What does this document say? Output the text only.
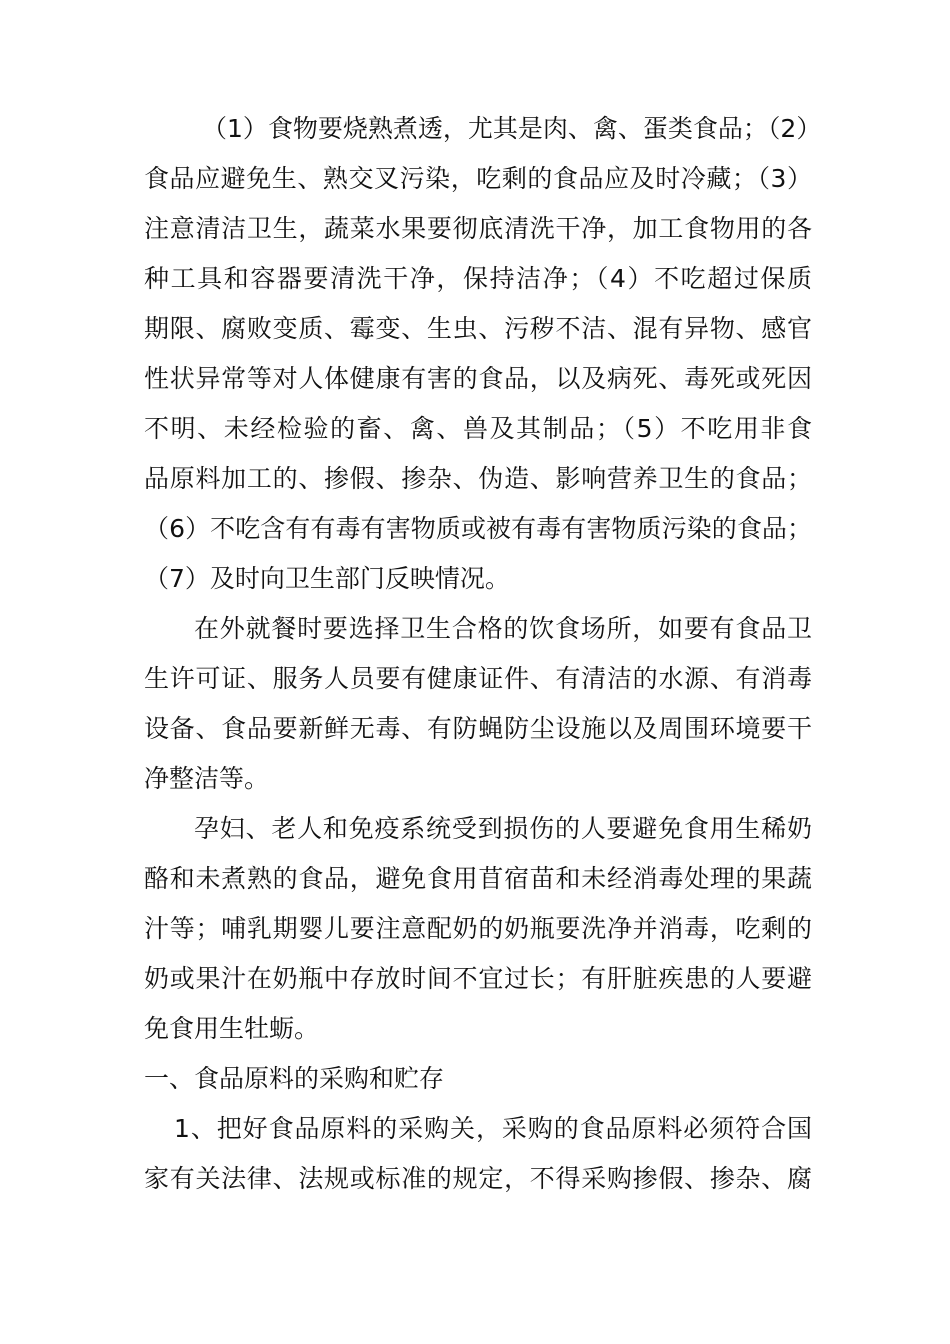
（1）食物要烧熟煮透，尤其是肉、禽、蛋类食品；（2）
食品应避免生、熟交叉污染，吃剩的食品应及时冷藏；（3）
注意清洁卫生，蔬菜水果要彻底清洗干净，加工食物用的各
种工具和容器要清洗干净，保持洁净；（4）不吃超过保质
期限、腐败变质、霉变、生虫、污秽不洁、混有异物、感官
性状异常等对人体健康有害的食品，以及病死、毒死或死因
不明、未经检验的畜、禽、兽及其制品；（5）不吃用非食
品原料加工的、掺假、掺杂、伪造、影响营养卫生的食品；
（6）不吃含有有毒有害物质或被有毒有害物质污染的食品；
（7）及时向卫生部门反映情况。
在外就餐时要选择卫生合格的饮食场所，如要有食品卫
生许可证、服务人员要有健康证件、有清洁的水源、有消毒
设备、食品要新鲜无毒、有防蝇防尘设施以及周围环境要干
净整洁等。
孕妇、老人和免疫系统受到损伤的人要避免食用生稀奶
酪和未煮熟的食品，避免食用苜宿苗和未经消毒处理的果蔬
汁等；哺乳期婴儿要注意配奶的奶瓶要洗净并消毒，吃剩的
奶或果汁在奶瓶中存放时间不宜过长；有肝脏疾患的人要避
免食用生牡蛎。
一、食品原料的采购和贮存
1、把好食品原料的采购关，采购的食品原料必须符合国
家有关法律、法规或标准的规定，不得采购掺假、掺杂、腐
